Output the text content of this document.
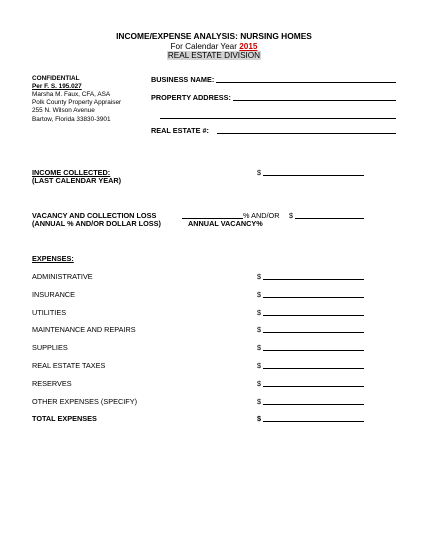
INCOME/EXPENSE ANALYSIS: NURSING HOMES
For Calendar Year 2015
REAL ESTATE DIVISION
CONFIDENTIAL
Per F. S. 195.027
Marsha M. Faux, CFA, ASA
Polk County Property Appraiser
255 N. Wilson Avenue
Bartow, Florida 33830-3901
BUSINESS NAME:
PROPERTY ADDRESS:
REAL ESTATE #:
INCOME COLLECTED:
(LAST CALENDAR YEAR)
$
VACANCY AND COLLECTION LOSS
(ANNUAL % AND/OR DOLLAR LOSS)
% AND/OR $
ANNUAL VACANCY%
EXPENSES:
ADMINISTRATIVE	$
INSURANCE	$
UTILITIES	$
MAINTENANCE AND REPAIRS	$
SUPPLIES	$
REAL ESTATE TAXES	$
RESERVES	$
OTHER EXPENSES (SPECIFY)	$
TOTAL EXPENSES	$
